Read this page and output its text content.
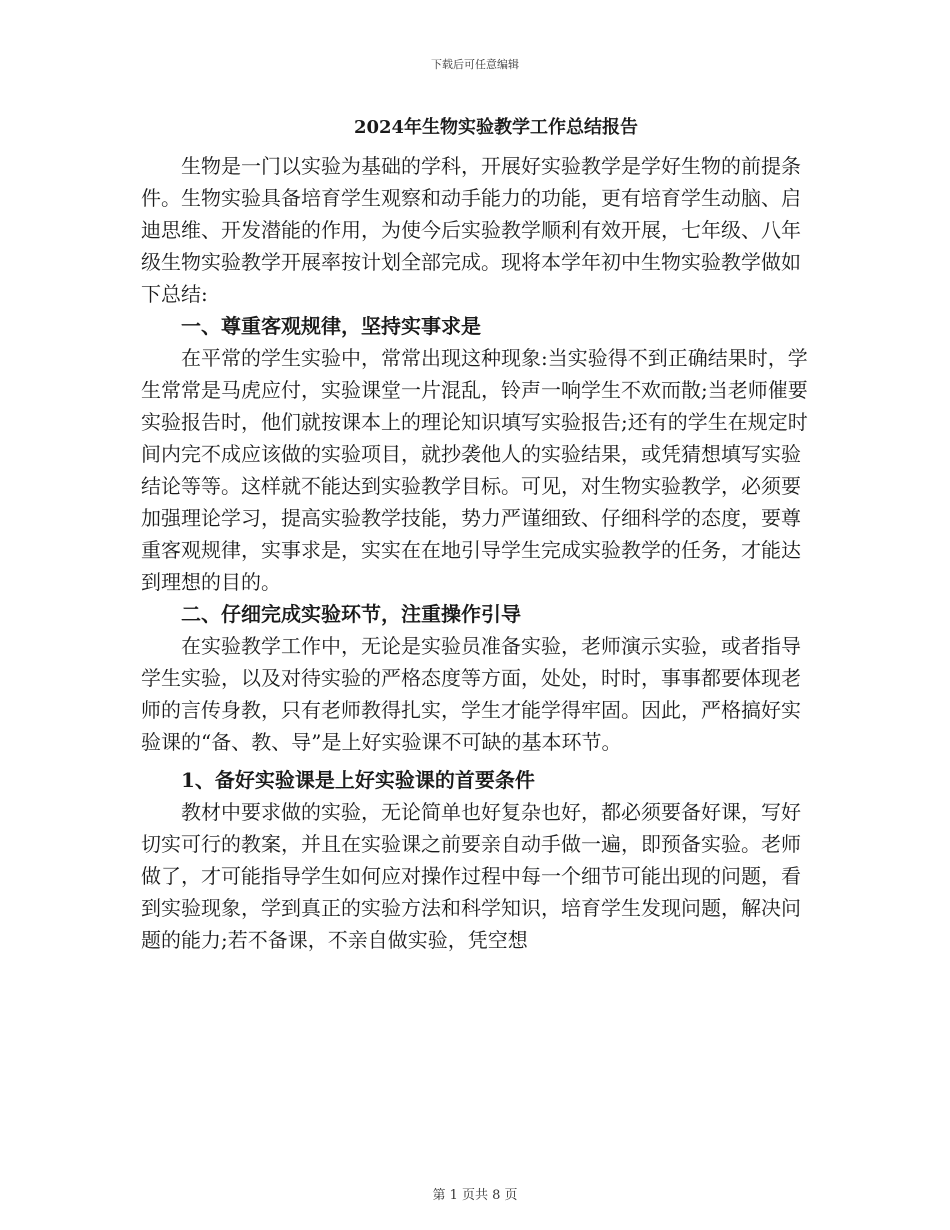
下载后可任意编辑

2024年生物实验教学工作总结报告

生物是一门以实验为基础的学科，开展好实验教学是学好生物的前提条件。生物实验具备培育学生观察和动手能力的功能，更有培育学生动脑、启迪思维、开发潜能的作用，为使今后实验教学顺利有效开展，七年级、八年级生物实验教学开展率按计划全部完成。现将本学年初中生物实验教学做如下总结:

一、尊重客观规律，坚持实事求是

在平常的学生实验中，常常出现这种现象:当实验得不到正确结果时，学生常常是马虎应付，实验课堂一片混乱，铃声一响学生不欢而散;当老师催要实验报告时，他们就按课本上的理论知识填写实验报告;还有的学生在规定时间内完不成应该做的实验项目，就抄袭他人的实验结果，或凭猜想填写实验结论等等。这样就不能达到实验教学目标。可见，对生物实验教学，必须要加强理论学习，提高实验教学技能，势力严谨细致、仔细科学的态度，要尊重客观规律，实事求是，实实在在地引导学生完成实验教学的任务，才能达到理想的目的。

二、仔细完成实验环节，注重操作引导

在实验教学工作中，无论是实验员准备实验，老师演示实验，或者指导学生实验，以及对待实验的严格态度等方面，处处，时时，事事都要体现老师的言传身教，只有老师教得扎实，学生才能学得牢固。因此，严格搞好实验课的“备、教、导”是上好实验课不可缺的基本环节。

1、备好实验课是上好实验课的首要条件

教材中要求做的实验，无论简单也好复杂也好，都必须要备好课，写好切实可行的教案，并且在实验课之前要亲自动手做一遍，即预备实验。老师做了，才可能指导学生如何应对操作过程中每一个细节可能出现的问题，看到实验现象，学到真正的实验方法和科学知识，培育学生发现问题，解决问题的能力;若不备课，不亲自做实验，凭空想

第 1 页共 8 页
